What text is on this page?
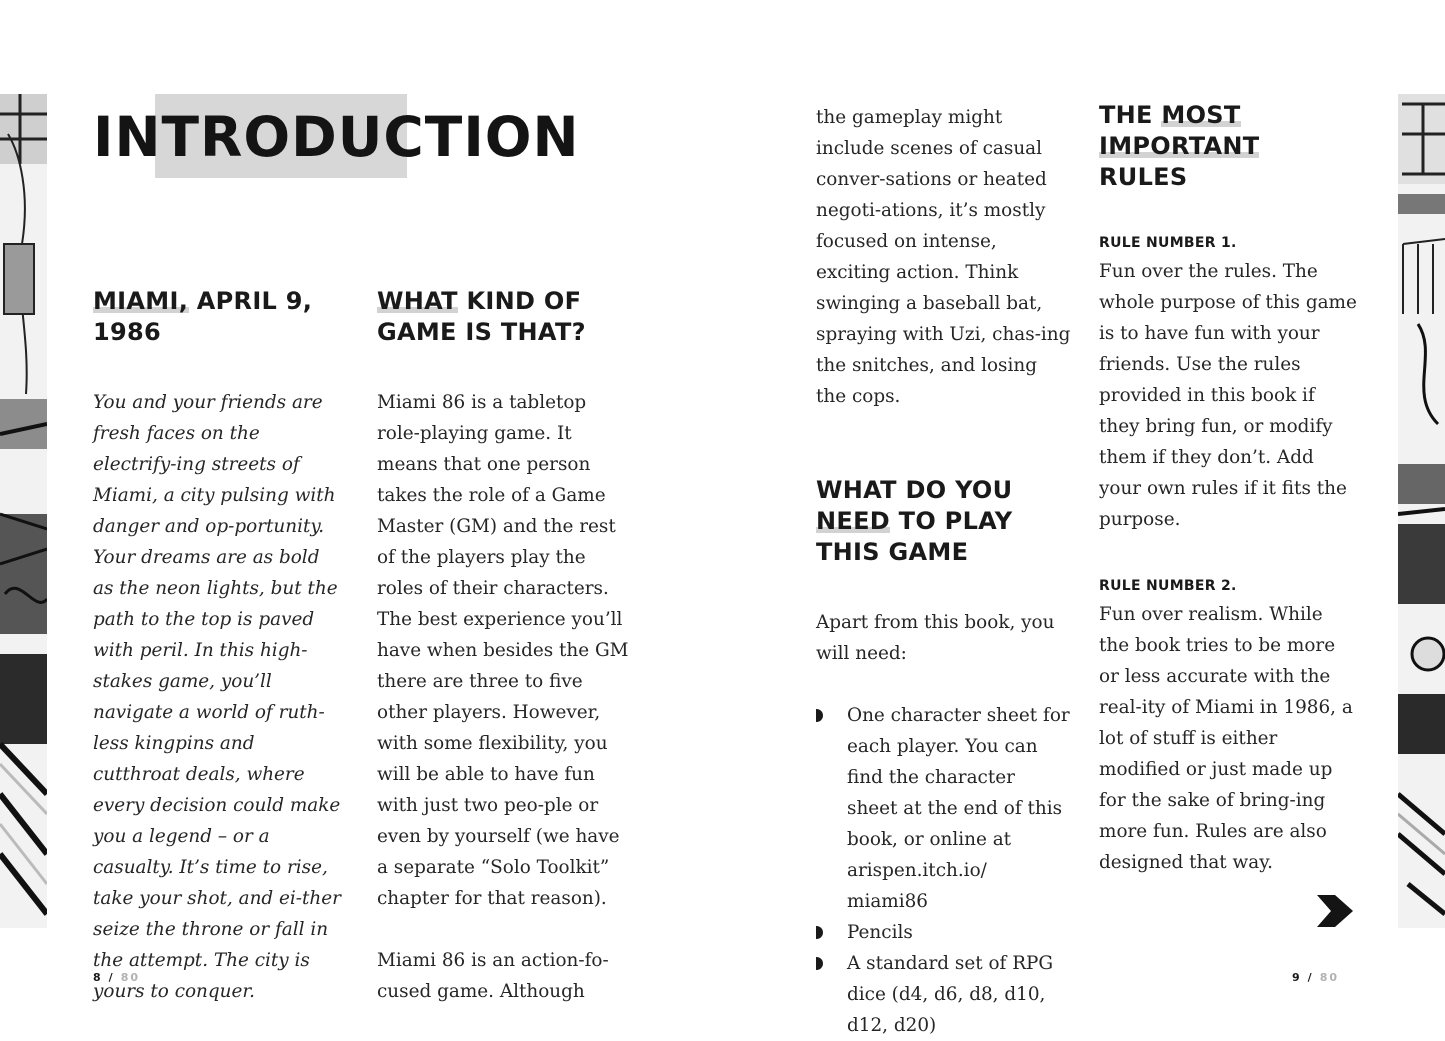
INTRODUCTION
MIAMI, APRIL 9, 1986

You and your friends are fresh faces on the electrify-ing streets of Miami, a city pulsing with danger and op-portunity. Your dreams are as bold as the neon lights, but the path to the top is paved with peril. In this high-stakes game, you’ll navigate a world of ruth-less kingpins and cutthroat deals, where every decision could make you a legend – or a casualty. It’s time to rise, take your shot, and ei-ther seize the throne or fall in the attempt. The city is yours to conquer.

WHAT KIND OF GAME IS THAT?

Miami 86 is a tabletop role-playing game. It means that one person takes the role of a Game Master (GM) and the rest of the players play the roles of their characters. The best experience you’ll have when besides the GM there are three to five other players. However, with some flexibility, you will be able to have fun with just two peo-ple or even by yourself (we have a separate “Solo Toolkit” chapter for that reason).

Miami 86 is an action-fo-cused game. Although

the gameplay might include scenes of casual conver-sations or heated negoti-ations, it’s mostly focused on intense, exciting action. Think swinging a baseball bat, spraying with Uzi, chas-ing the snitches, and losing the cops.

WHAT DO YOU

NEED TO PLAY THIS GAME

Apart from this book, you will need:

One character sheet for each player. You can find the character sheet at the end of this book, or online at arispen.itch.io/ miami86
Pencils
A standard set of RPG dice (d4, d6, d8, d10, d12, d20)
THE
MOST

IMPORTANT
RULES
RULE NUMBER 1.

Fun over the rules. The whole purpose of this game is to have fun with your friends. Use the rules provided in this book if they bring fun, or modify them if they don’t. Add your own rules if it fits the purpose.

RULE NUMBER 2.

Fun over realism. While the book tries to be more or less accurate with the real-ity of Miami in 1986, a lot of stuff is either modified or just made up for the sake of bring-ing more fun. Rules are also designed that way.

8 / 80	9 / 80
